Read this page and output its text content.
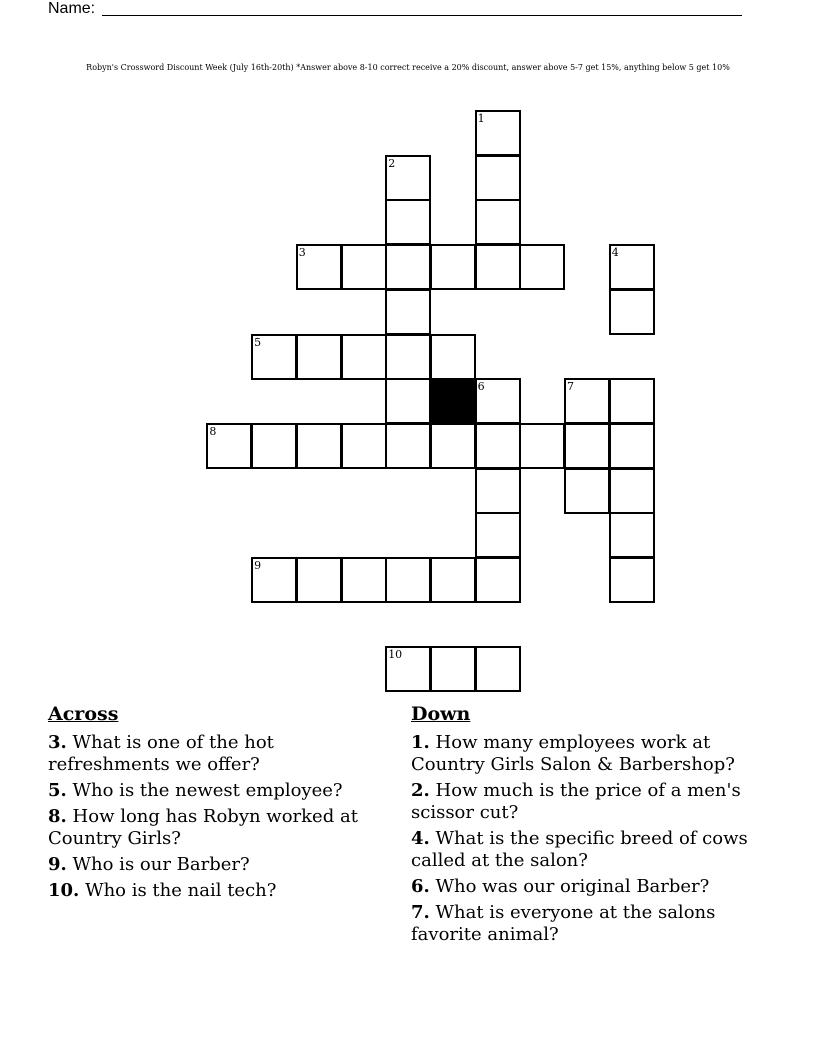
Name:
Robyn's Crossword Discount Week (July 16th-20th) *Answer above 8-10 correct receive a 20% discount, answer above 5-7 get 15%, anything below 5 get 10%
1
2
3	4
5
6	7
8
9
10
Across
3. What is one of the hot refreshments we offer?
5. Who is the newest employee?
8. How long has Robyn worked at Country Girls?
9. Who is our Barber?
10. Who is the nail tech?
Down
1. How many employees work at Country Girls Salon & Barbershop?
2. How much is the price of a men's scissor cut?
4. What is the specific breed of cows called at the salon?
6. Who was our original Barber?
7. What is everyone at the salons favorite animal?
